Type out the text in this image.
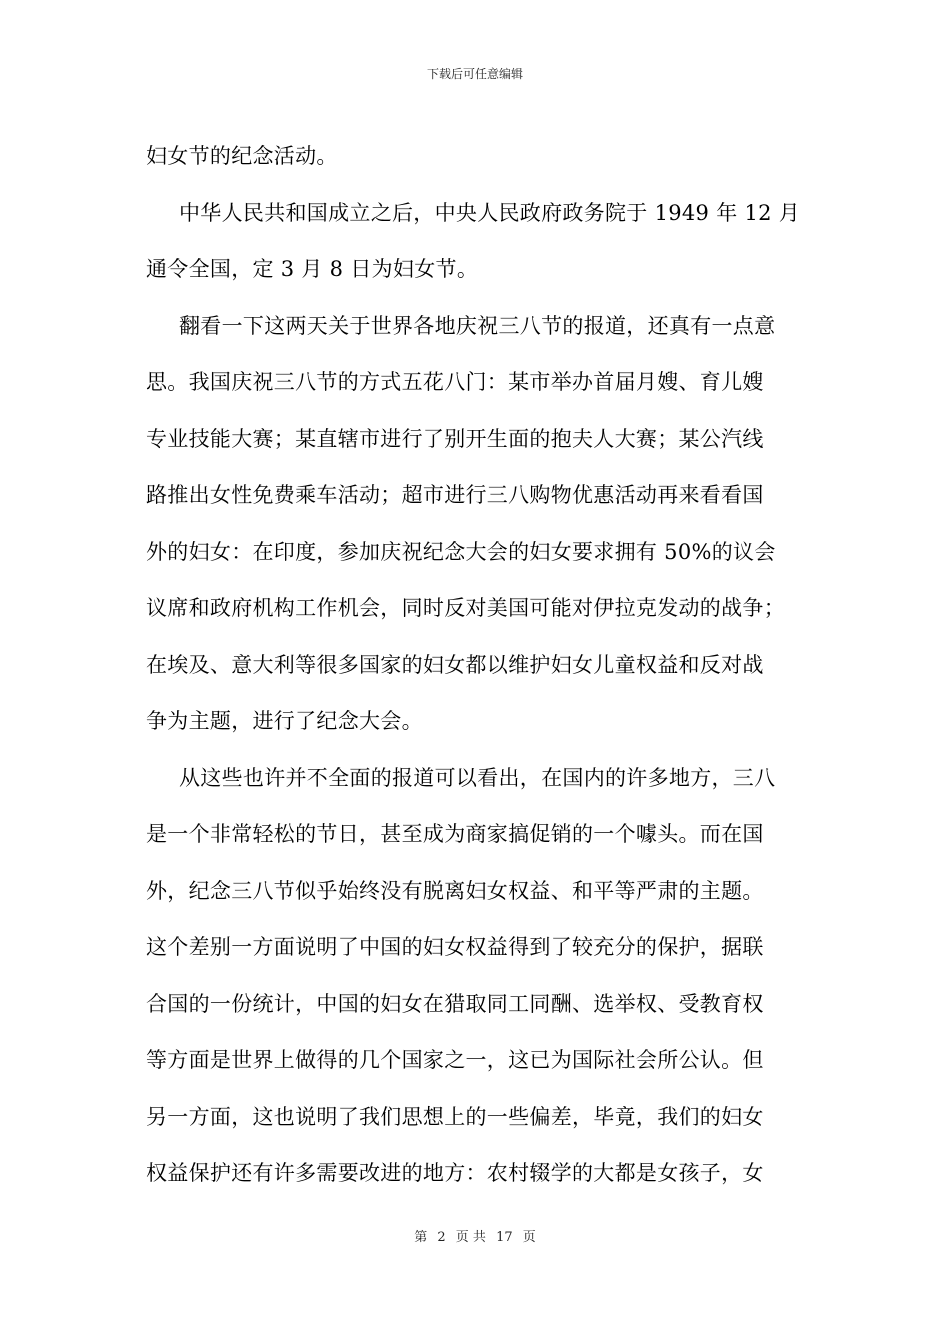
下载后可任意编辑
妇女节的纪念活动。
中华人民共和国成立之后，中央人民政府政务院于 1949 年 12 月
通令全国，定 3 月 8 日为妇女节。
翻看一下这两天关于世界各地庆祝三八节的报道，还真有一点意
思。我国庆祝三八节的方式五花八门：某市举办首届月嫂、育儿嫂
专业技能大赛；某直辖市进行了别开生面的抱夫人大赛；某公汽线
路推出女性免费乘车活动；超市进行三八购物优惠活动再来看看国
外的妇女：在印度，参加庆祝纪念大会的妇女要求拥有 50%的议会
议席和政府机构工作机会，同时反对美国可能对伊拉克发动的战争；
在埃及、意大利等很多国家的妇女都以维护妇女儿童权益和反对战
争为主题，进行了纪念大会。
从这些也许并不全面的报道可以看出，在国内的许多地方，三八
是一个非常轻松的节日，甚至成为商家搞促销的一个噱头。而在国
外，纪念三八节似乎始终没有脱离妇女权益、和平等严肃的主题。
这个差别一方面说明了中国的妇女权益得到了较充分的保护，据联
合国的一份统计，中国的妇女在猎取同工同酬、选举权、受教育权
等方面是世界上做得的几个国家之一，这已为国际社会所公认。但
另一方面，这也说明了我们思想上的一些偏差，毕竟，我们的妇女
权益保护还有许多需要改进的地方：农村辍学的大都是女孩子，女
第 2 页 共 17 页
